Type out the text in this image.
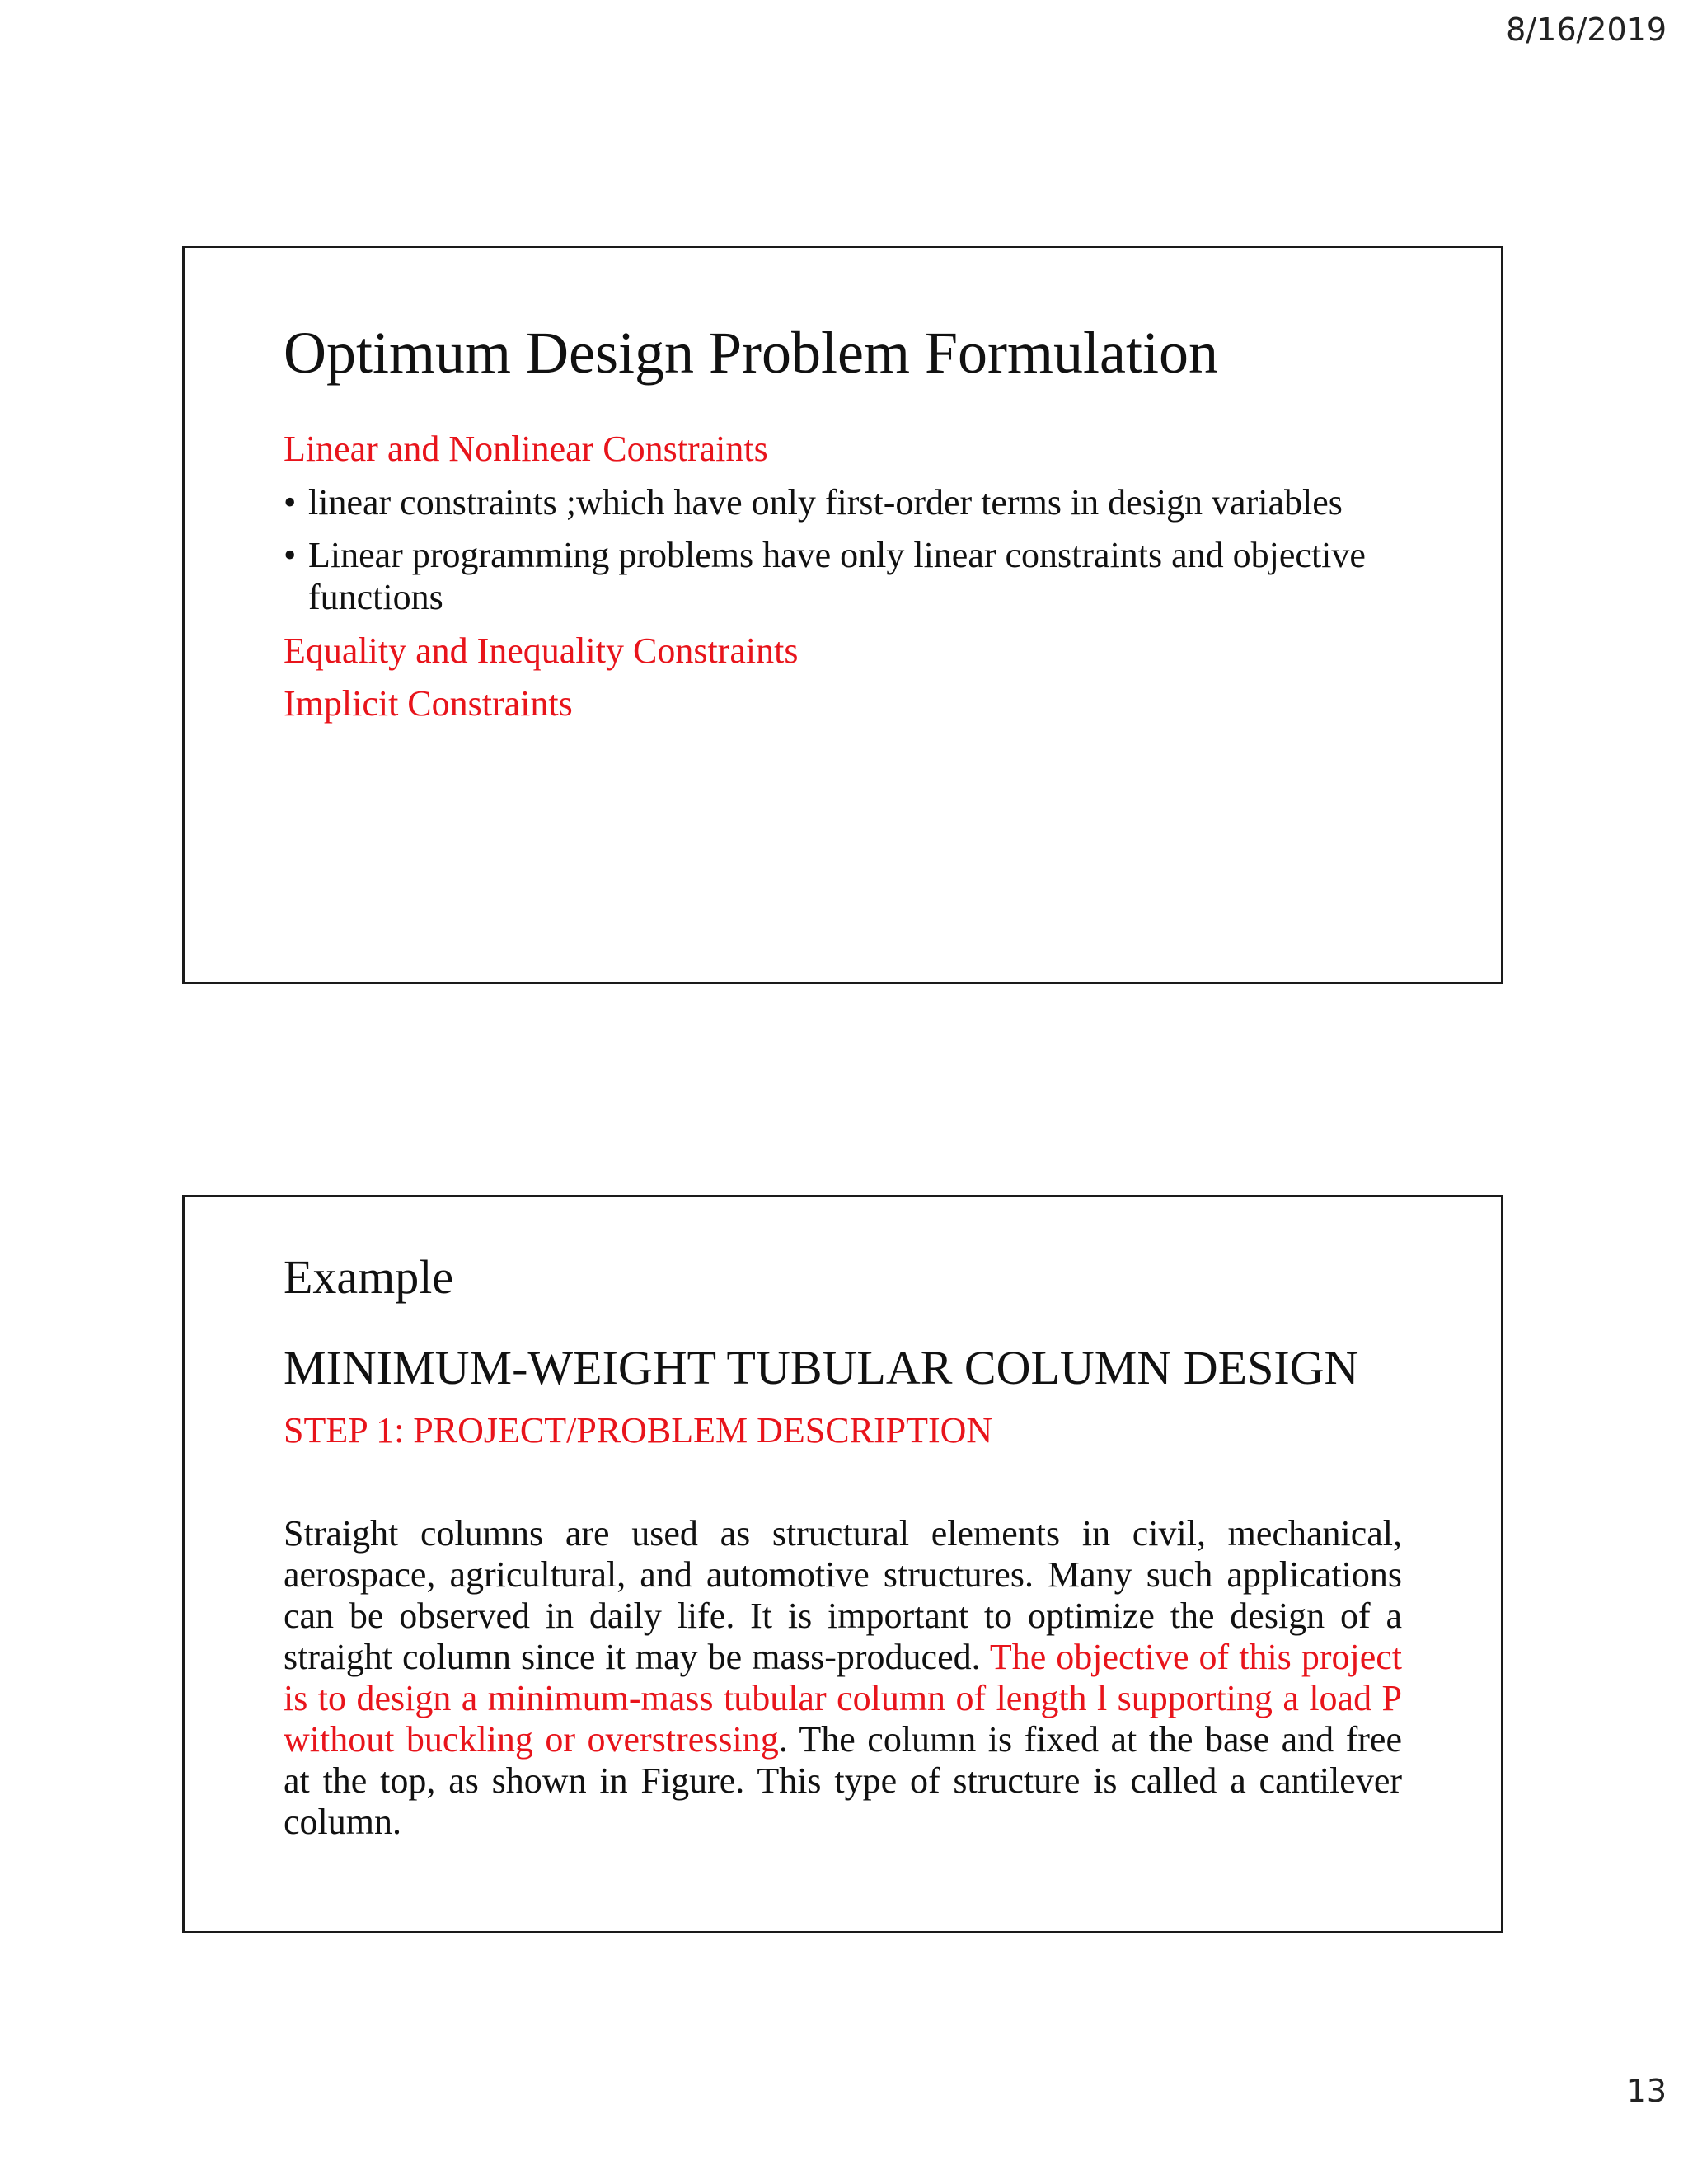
8/16/2019
Optimum Design Problem Formulation
Linear and Nonlinear Constraints
• linear constraints ;which have only first-order terms in design variables
• Linear programming problems have only linear constraints and objective functions
Equality and Inequality Constraints
Implicit Constraints
Example
MINIMUM-WEIGHT TUBULAR COLUMN DESIGN
STEP 1: PROJECT/PROBLEM DESCRIPTION

Straight columns are used as structural elements in civil, mechanical, aerospace, agricultural, and automotive structures. Many such applications can be observed in daily life. It is important to optimize the design of a straight column since it may be mass-produced. The objective of this project is to design a minimum-mass tubular column of length l supporting a load P without buckling or overstressing. The column is fixed at the base and free at the top, as shown in Figure. This type of structure is called a cantilever column.

13
